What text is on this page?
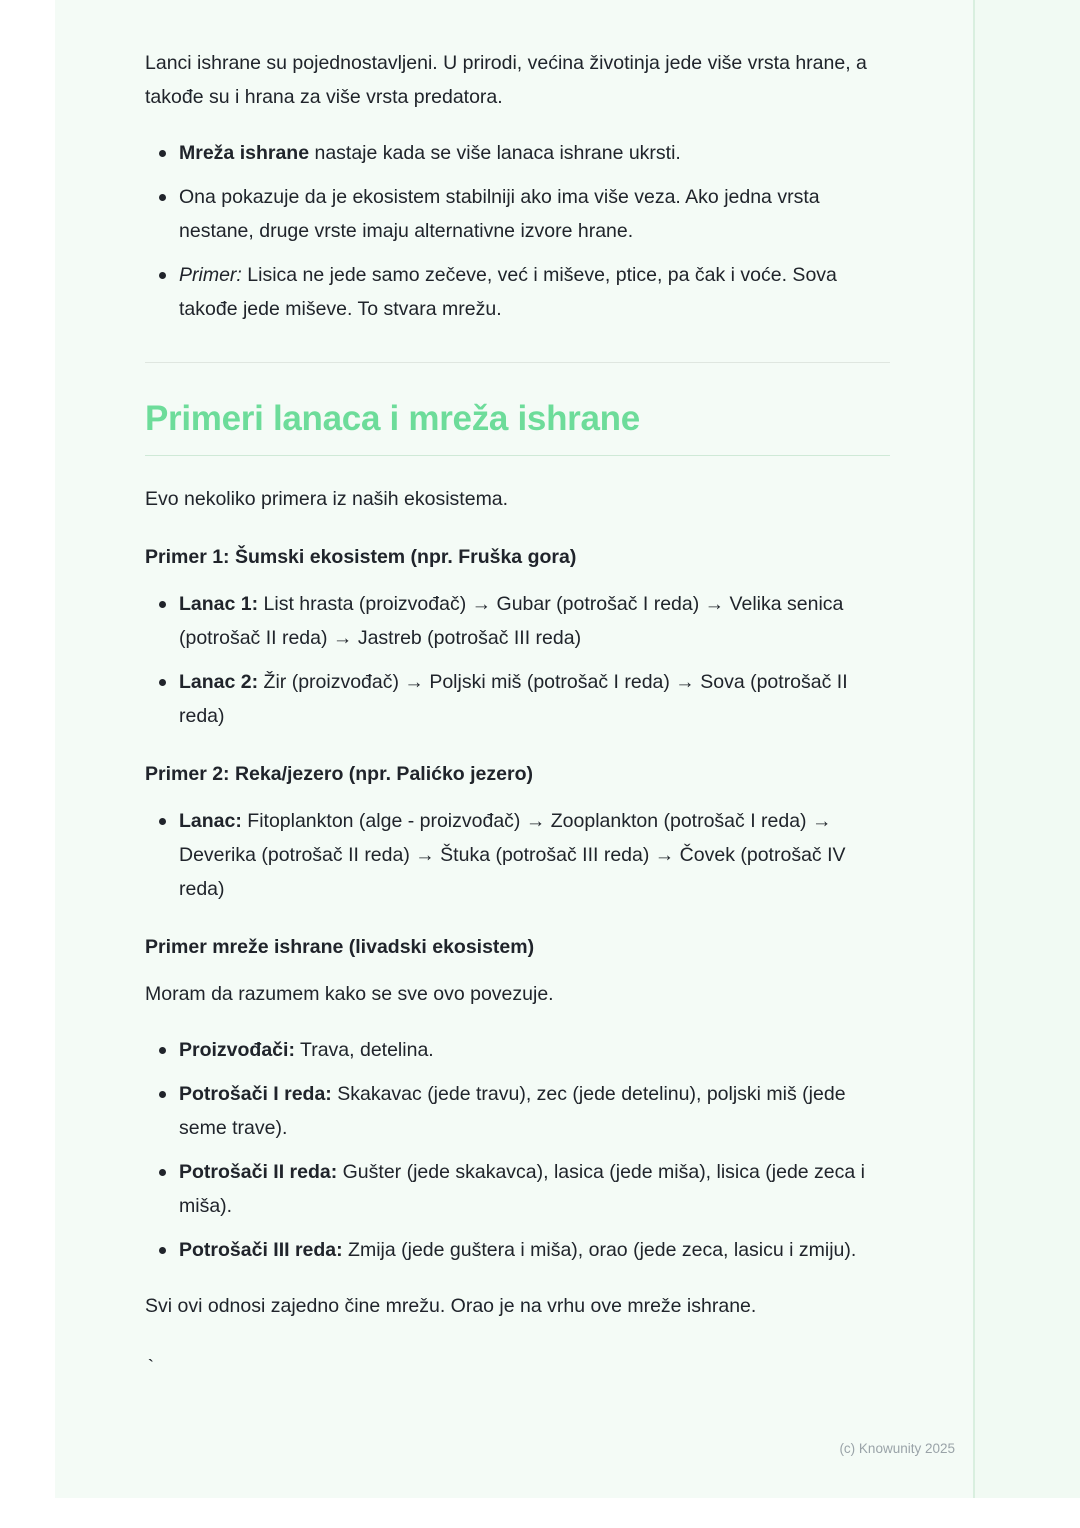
Lanci ishrane su pojednostavljeni. U prirodi, većina životinja jede više vrsta hrane, a takođe su i hrana za više vrsta predatora.

Mreža ishrane nastaje kada se više lanaca ishrane ukrsti.
Ona pokazuje da je ekosistem stabilniji ako ima više veza. Ako jedna vrsta nestane, druge vrste imaju alternativne izvore hrane.
Primer: Lisica ne jede samo zečeve, već i miševe, ptice, pa čak i voće. Sova takođe jede miševe. To stvara mrežu.
Primeri lanaca i mreža ishrane

Evo nekoliko primera iz naših ekosistema.

Primer 1: Šumski ekosistem (npr. Fruška gora)
Lanac 1: List hrasta (proizvođač) → Gubar (potrošač I reda) → Velika senica (potrošač II reda) → Jastreb (potrošač III reda)
Lanac 2: Žir (proizvođač) → Poljski miš (potrošač I reda) → Sova (potrošač II reda)
Primer 2: Reka/jezero (npr. Palićko jezero)
Lanac: Fitoplankton (alge - proizvođač) → Zooplankton (potrošač I reda) → Deverika (potrošač II reda) → Štuka (potrošač III reda) → Čovek (potrošač IV reda)
Primer mreže ishrane (livadski ekosistem)

Moram da razumem kako se sve ovo povezuje.

Proizvođači: Trava, detelina.
Potrošači I reda: Skakavac (jede travu), zec (jede detelinu), poljski miš (jede seme trave).
Potrošači II reda: Gušter (jede skakavca), lasica (jede miša), lisica (jede zeca i miša).
Potrošači III reda: Zmija (jede guštera i miša), orao (jede zeca, lasicu i zmiju).

Svi ovi odnosi zajedno čine mrežu. Orao je na vrhu ove mreže ishrane.

`
(c) Knowunity 2025
